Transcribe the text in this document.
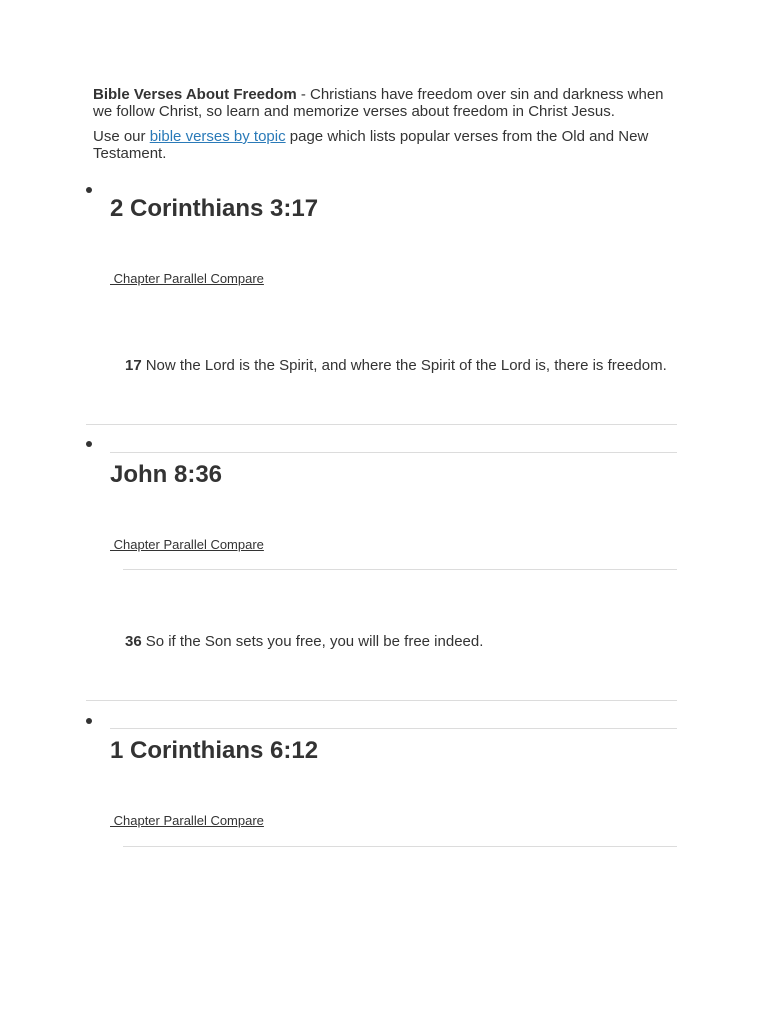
Bible Verses About Freedom - Christians have freedom over sin and darkness when we follow Christ, so learn and memorize verses about freedom in Christ Jesus.

Use our bible verses by topic page which lists popular verses from the Old and New Testament.

2 Corinthians 3:17
Chapter Parallel Compare
17 Now the Lord is the Spirit, and where the Spirit of the Lord is, there is freedom.
John 8:36
Chapter Parallel Compare
36 So if the Son sets you free, you will be free indeed.
1 Corinthians 6:12
Chapter Parallel Compare
